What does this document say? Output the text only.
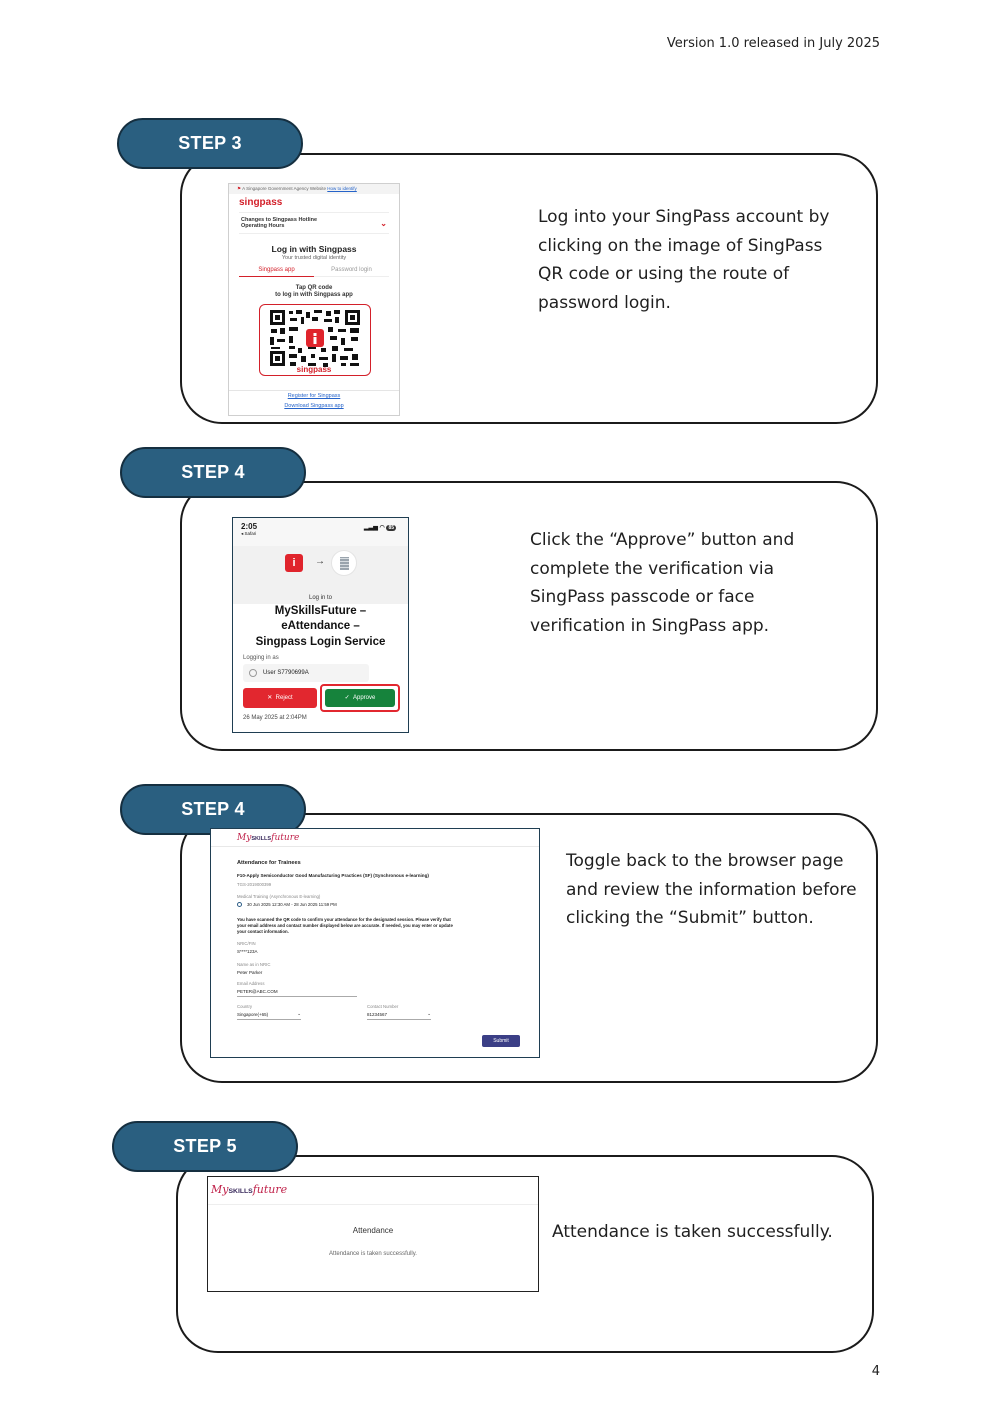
Version 1.0 released in July 2025
STEP 3
⚑ A Singapore Government Agency Website How to identify
singpass
Changes to Singpass Hotline
Operating Hours	⌄
Log in with Singpass
Your trusted digital identity
Singpass app	Password login
Tap QR code
to log in with Singpass app
singpass
Register for Singpass
Download Singpass app
Log into your SingPass account by
clicking on the image of SingPass
QR code or using the route of
password login.
STEP 4
2:05
◂ Safari
▂▃▅ ◠ 85
i	→
Log in to
MySkillsFuture –
eAttendance –
Singpass Login Service
Logging in as
User S7790699A
✕ Reject	✓ Approve
26 May 2025 at 2:04PM
Click the “Approve” button and
complete the verification via
SingPass passcode or face
verification in SingPass app.
STEP 4
MySKILLSfuture
Attendance for Trainees
F10-Apply Semiconductor Good Manufacturing Practices (SF) (Synchronous e-learning)
TGS-2019000399
Medical Training (Asynchronous E-learning)
30 Jun 2025 12:30 AM - 28 Jun 2025 11:59 PM
You have scanned the QR code to confirm your attendance for the designated session. Please verify that
your email address and contact number displayed below are accurate. If needed, you may enter or update
your contact information.
NRIC/FIN
S****123A
Name as in NRIC
Peter Parker
Email Address
PETER@ABC.COM
Country
Singapore(+65)	⌄
Contact Number
81234567	⌄
Submit
Toggle back to the browser page
and review the information before
clicking the “Submit” button.
STEP 5
MySKILLSfuture
Attendance
Attendance is taken successfully.
Attendance is taken successfully.
4
